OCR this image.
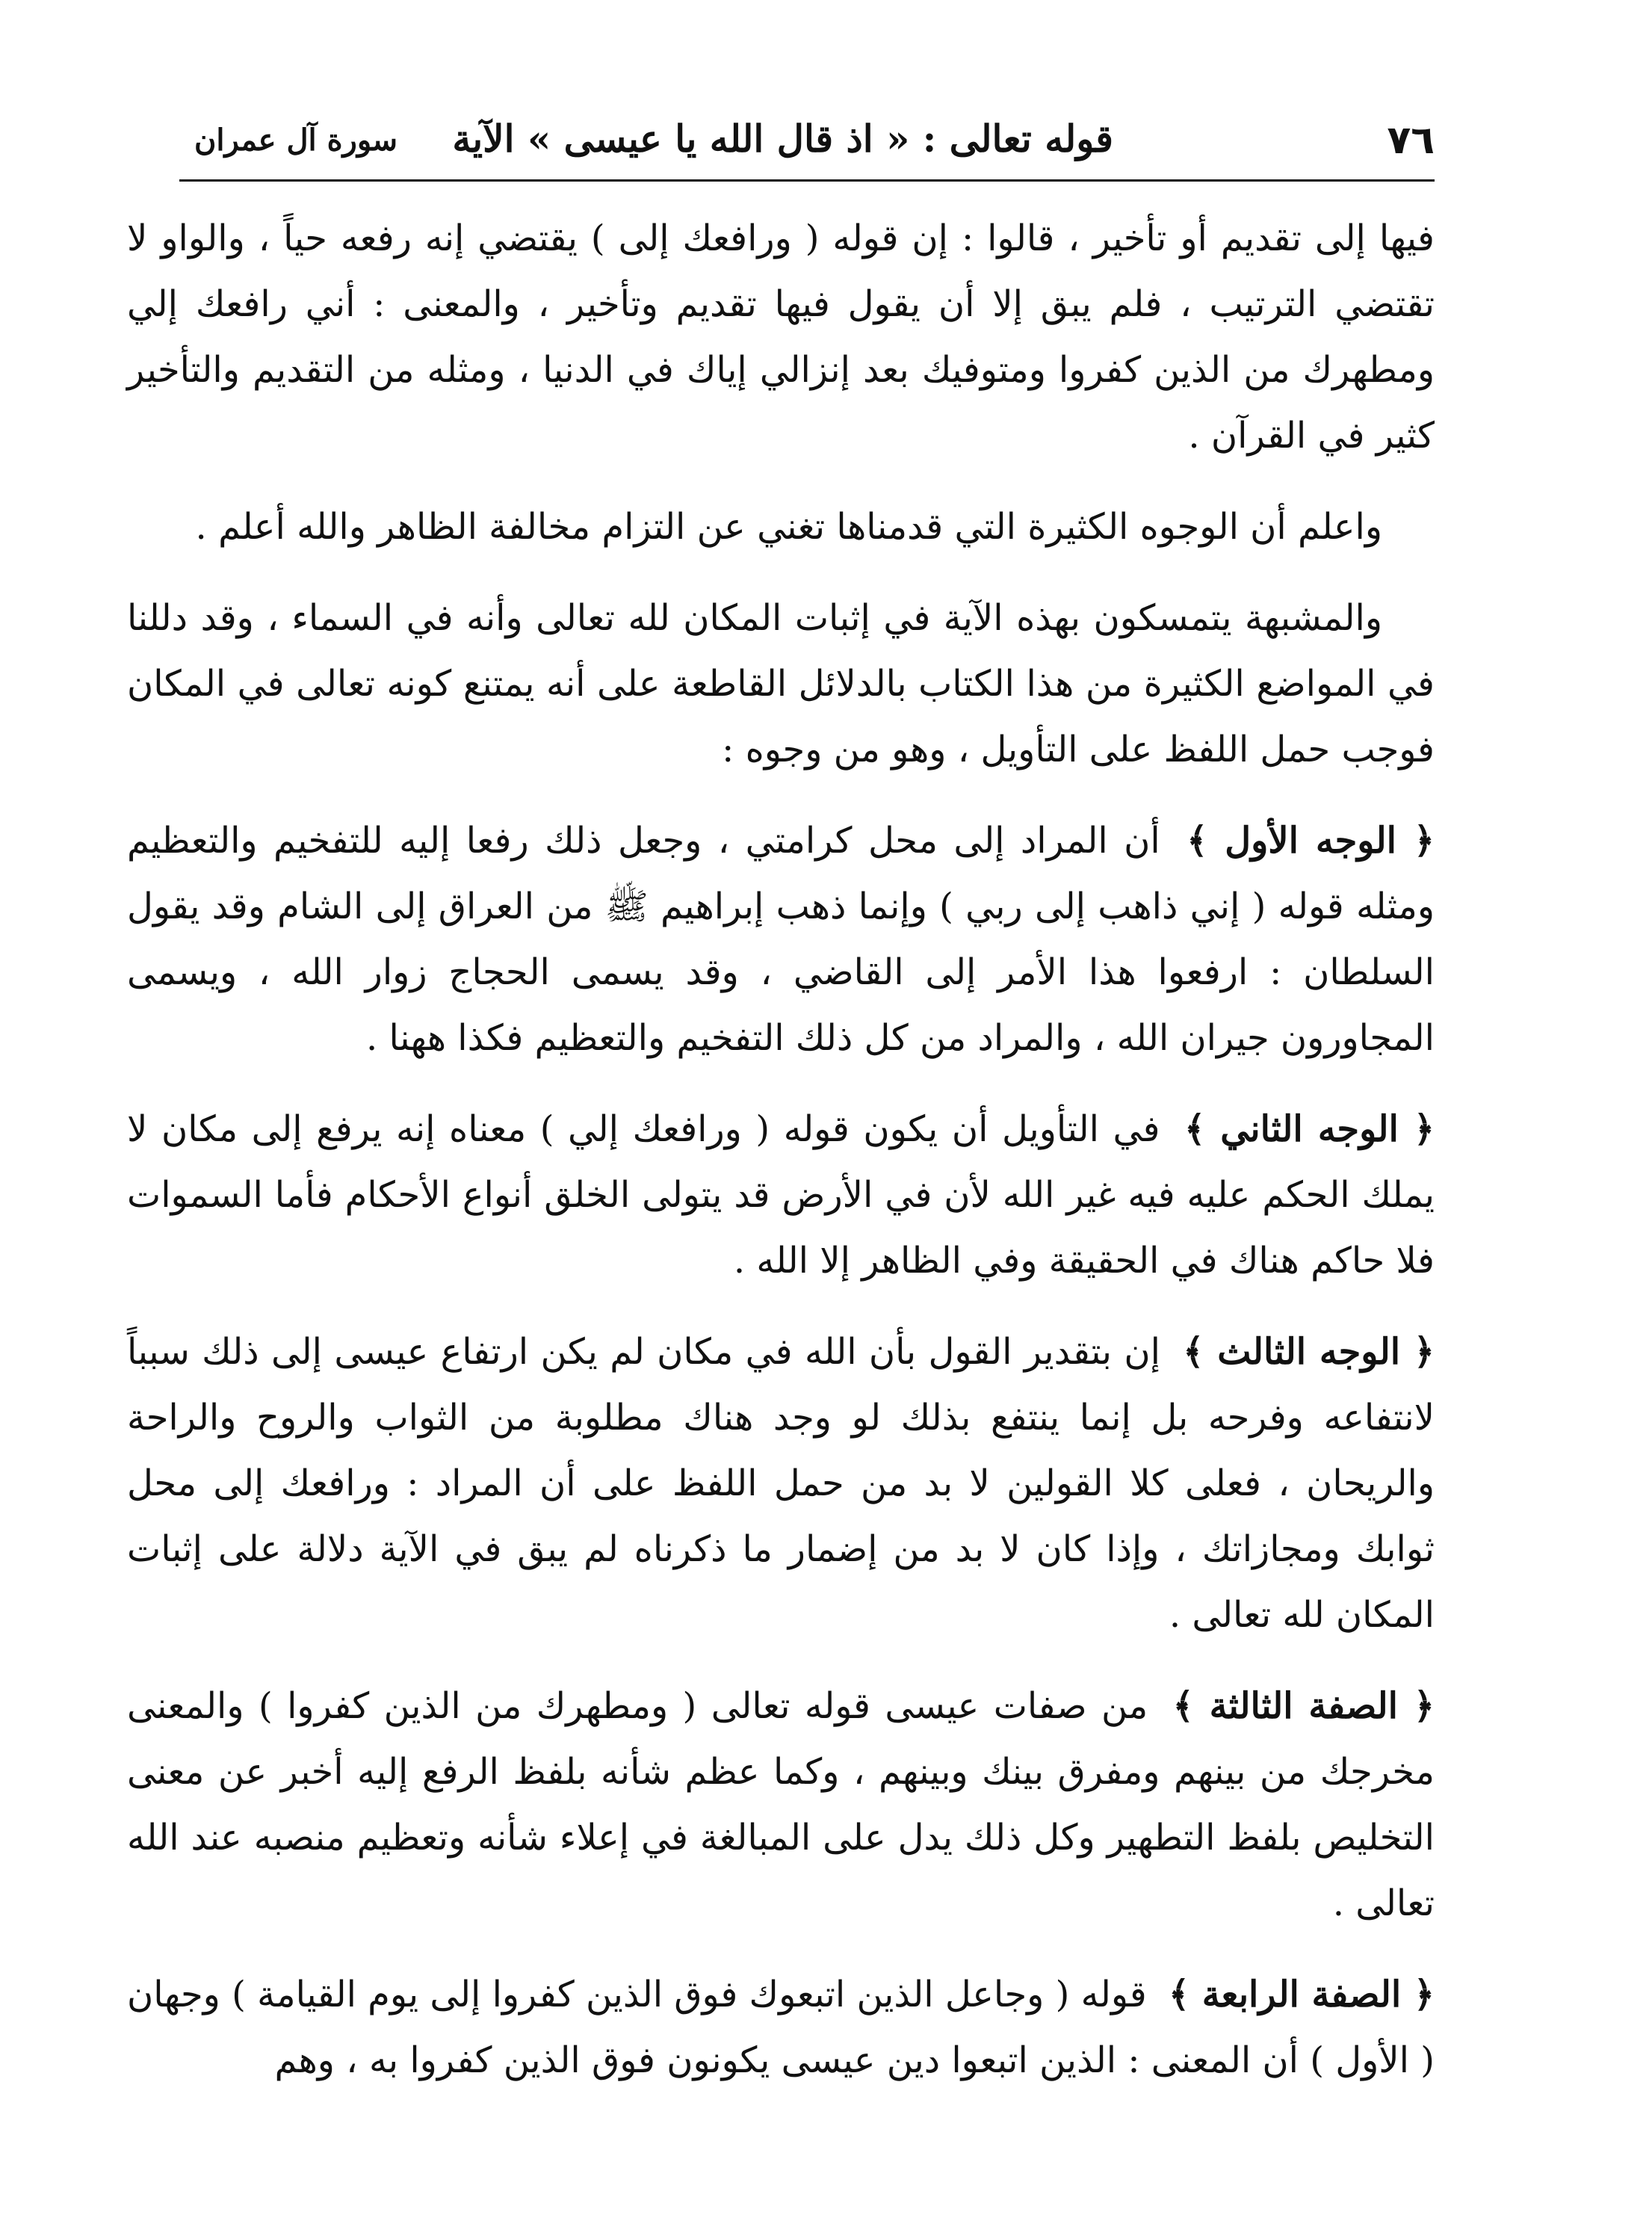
٧٦
قوله تعالى : « اذ قال الله يا عيسى » الآية
سورة آل عمران

فيها إلى تقديم أو تأخير ، قالوا : إن قوله ( ورافعك إلى ) يقتضي إنه رفعه حياً ، والواو لا تقتضي الترتيب ، فلم يبق إلا أن يقول فيها تقديم وتأخير ، والمعنى : أني رافعك إلي ومطهرك من الذين كفروا ومتوفيك بعد إنزالي إياك في الدنيا ، ومثله من التقديم والتأخير كثير في القرآن .

واعلم أن الوجوه الكثيرة التي قدمناها تغني عن التزام مخالفة الظاهر والله أعلم .

والمشبهة يتمسكون بهذه الآية في إثبات المكان لله تعالى وأنه في السماء ، وقد دللنا في المواضع الكثيرة من هذا الكتاب بالدلائل القاطعة على أنه يمتنع كونه تعالى في المكان فوجب حمل اللفظ على التأويل ، وهو من وجوه :

﴿ الوجه الأول ﴾ أن المراد إلى محل كرامتي ، وجعل ذلك رفعا إليه للتفخيم والتعظيم ومثله قوله ( إني ذاهب إلى ربي ) وإنما ذهب إبراهيم ﷺ من العراق إلى الشام وقد يقول السلطان : ارفعوا هذا الأمر إلى القاضي ، وقد يسمى الحجاج زوار الله ، ويسمى المجاورون جيران الله ، والمراد من كل ذلك التفخيم والتعظيم فكذا ههنا .

﴿ الوجه الثاني ﴾ في التأويل أن يكون قوله ( ورافعك إلي ) معناه إنه يرفع إلى مكان لا يملك الحكم عليه فيه غير الله لأن في الأرض قد يتولى الخلق أنواع الأحكام فأما السموات فلا حاكم هناك في الحقيقة وفي الظاهر إلا الله .

﴿ الوجه الثالث ﴾ إن بتقدير القول بأن الله في مكان لم يكن ارتفاع عيسى إلى ذلك سبباً لانتفاعه وفرحه بل إنما ينتفع بذلك لو وجد هناك مطلوبة من الثواب والروح والراحة والريحان ، فعلى كلا القولين لا بد من حمل اللفظ على أن المراد : ورافعك إلى محل ثوابك ومجازاتك ، وإذا كان لا بد من إضمار ما ذكرناه لم يبق في الآية دلالة على إثبات المكان لله تعالى .

﴿ الصفة الثالثة ﴾ من صفات عيسى قوله تعالى ( ومطهرك من الذين كفروا ) والمعنى مخرجك من بينهم ومفرق بينك وبينهم ، وكما عظم شأنه بلفظ الرفع إليه أخبر عن معنى التخليص بلفظ التطهير وكل ذلك يدل على المبالغة في إعلاء شأنه وتعظيم منصبه عند الله تعالى .

﴿ الصفة الرابعة ﴾ قوله ( وجاعل الذين اتبعوك فوق الذين كفروا إلى يوم القيامة ) وجهان ( الأول ) أن المعنى : الذين اتبعوا دين عيسى يكونون فوق الذين كفروا به ، وهم
